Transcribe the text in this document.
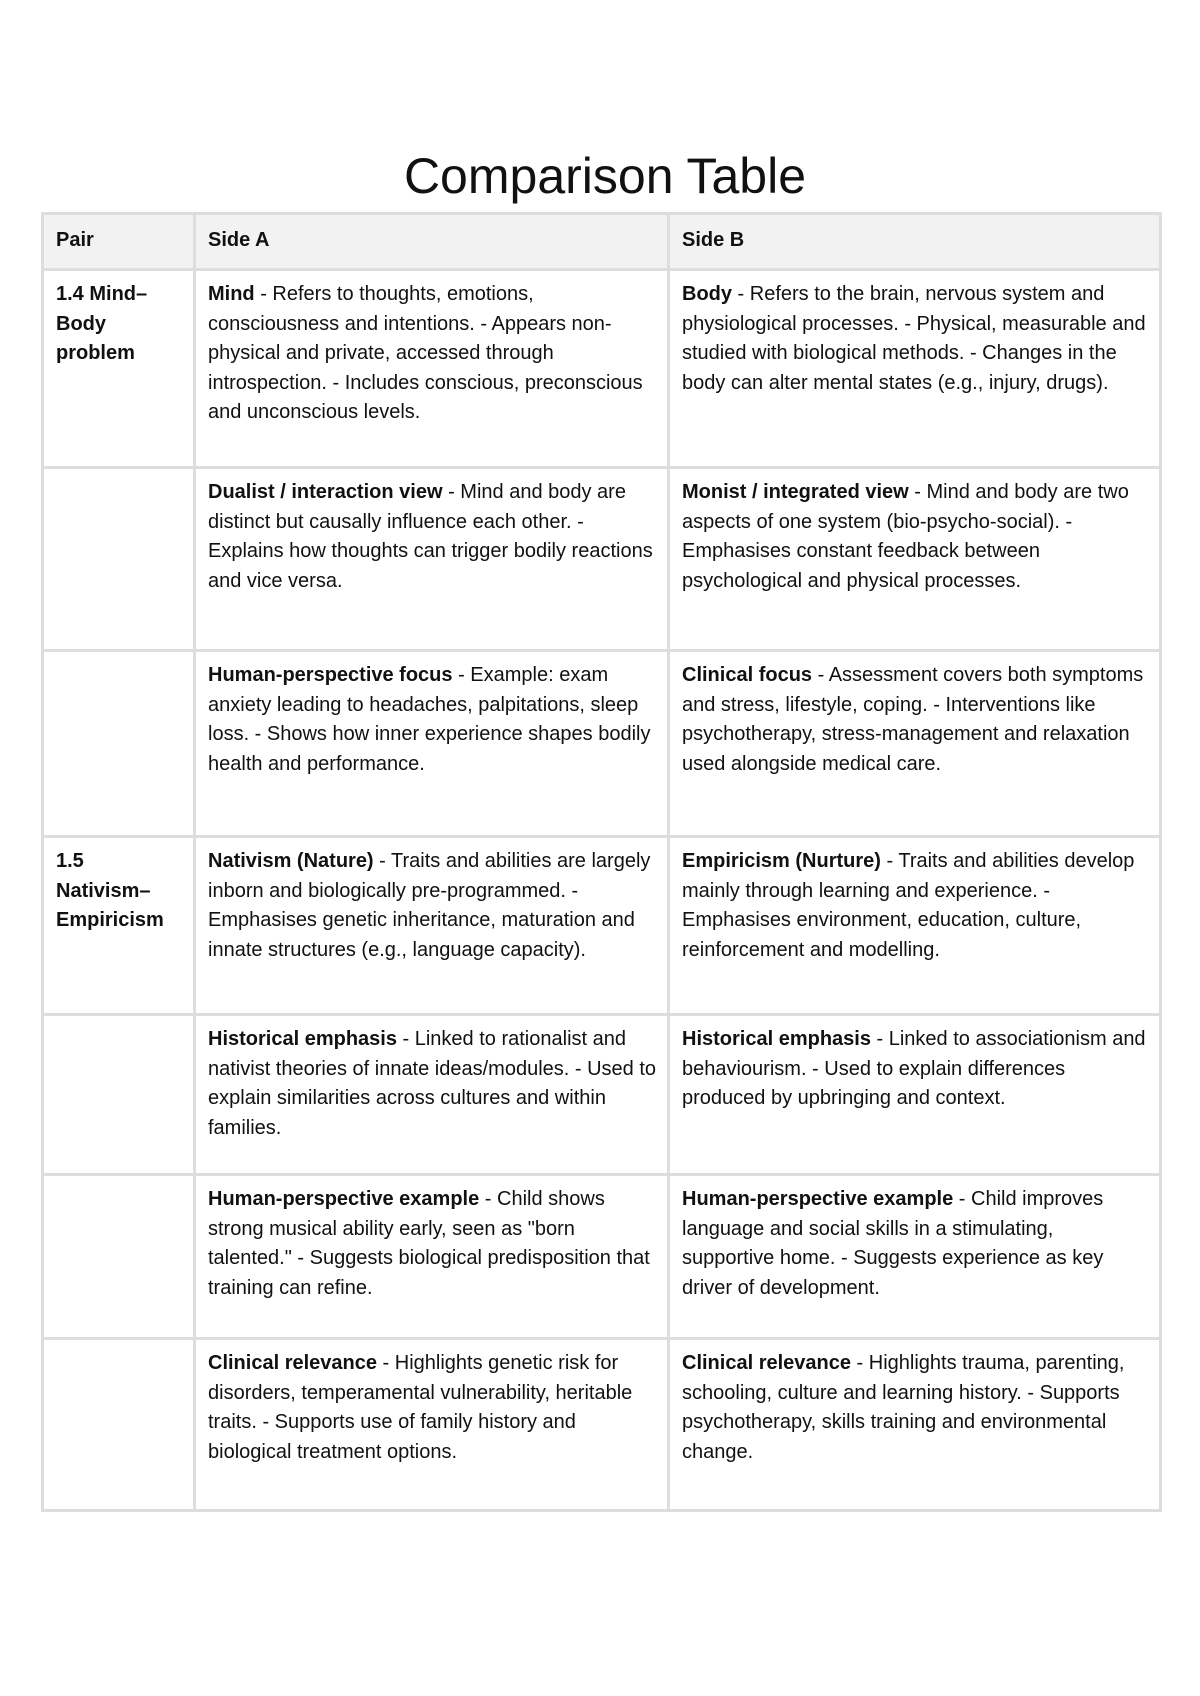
Comparison Table
Pair	Side A	Side B
1.4 Mind–Body problem	Mind - Refers to thoughts, emotions, consciousness and intentions. - Appears non-physical and private, accessed through introspection. - Includes conscious, preconscious and unconscious levels.	Body - Refers to the brain, nervous system and physiological processes. - Physical, measurable and studied with biological methods. - Changes in the body can alter mental states (e.g., injury, drugs).
	Dualist / interaction view - Mind and body are distinct but causally influence each other. - Explains how thoughts can trigger bodily reactions and vice versa.	Monist / integrated view - Mind and body are two aspects of one system (bio-psycho-social). - Emphasises constant feedback between psychological and physical processes.
	Human-perspective focus - Example: exam anxiety leading to headaches, palpitations, sleep loss. - Shows how inner experience shapes bodily health and performance.	Clinical focus - Assessment covers both symptoms and stress, lifestyle, coping. - Interventions like psychotherapy, stress-management and relaxation used alongside medical care.
1.5 Nativism–Empiricism	Nativism (Nature) - Traits and abilities are largely inborn and biologically pre-programmed. - Emphasises genetic inheritance, maturation and innate structures (e.g., language capacity).	Empiricism (Nurture) - Traits and abilities develop mainly through learning and experience. - Emphasises environment, education, culture, reinforcement and modelling.
	Historical emphasis - Linked to rationalist and nativist theories of innate ideas/modules. - Used to explain similarities across cultures and within families.	Historical emphasis - Linked to associationism and behaviourism. - Used to explain differences produced by upbringing and context.
	Human-perspective example - Child shows strong musical ability early, seen as "born talented." - Suggests biological predisposition that training can refine.	Human-perspective example - Child improves language and social skills in a stimulating, supportive home. - Suggests experience as key driver of development.
	Clinical relevance - Highlights genetic risk for disorders, temperamental vulnerability, heritable traits. - Supports use of family history and biological treatment options.	Clinical relevance - Highlights trauma, parenting, schooling, culture and learning history. - Supports psychotherapy, skills training and environmental change.
